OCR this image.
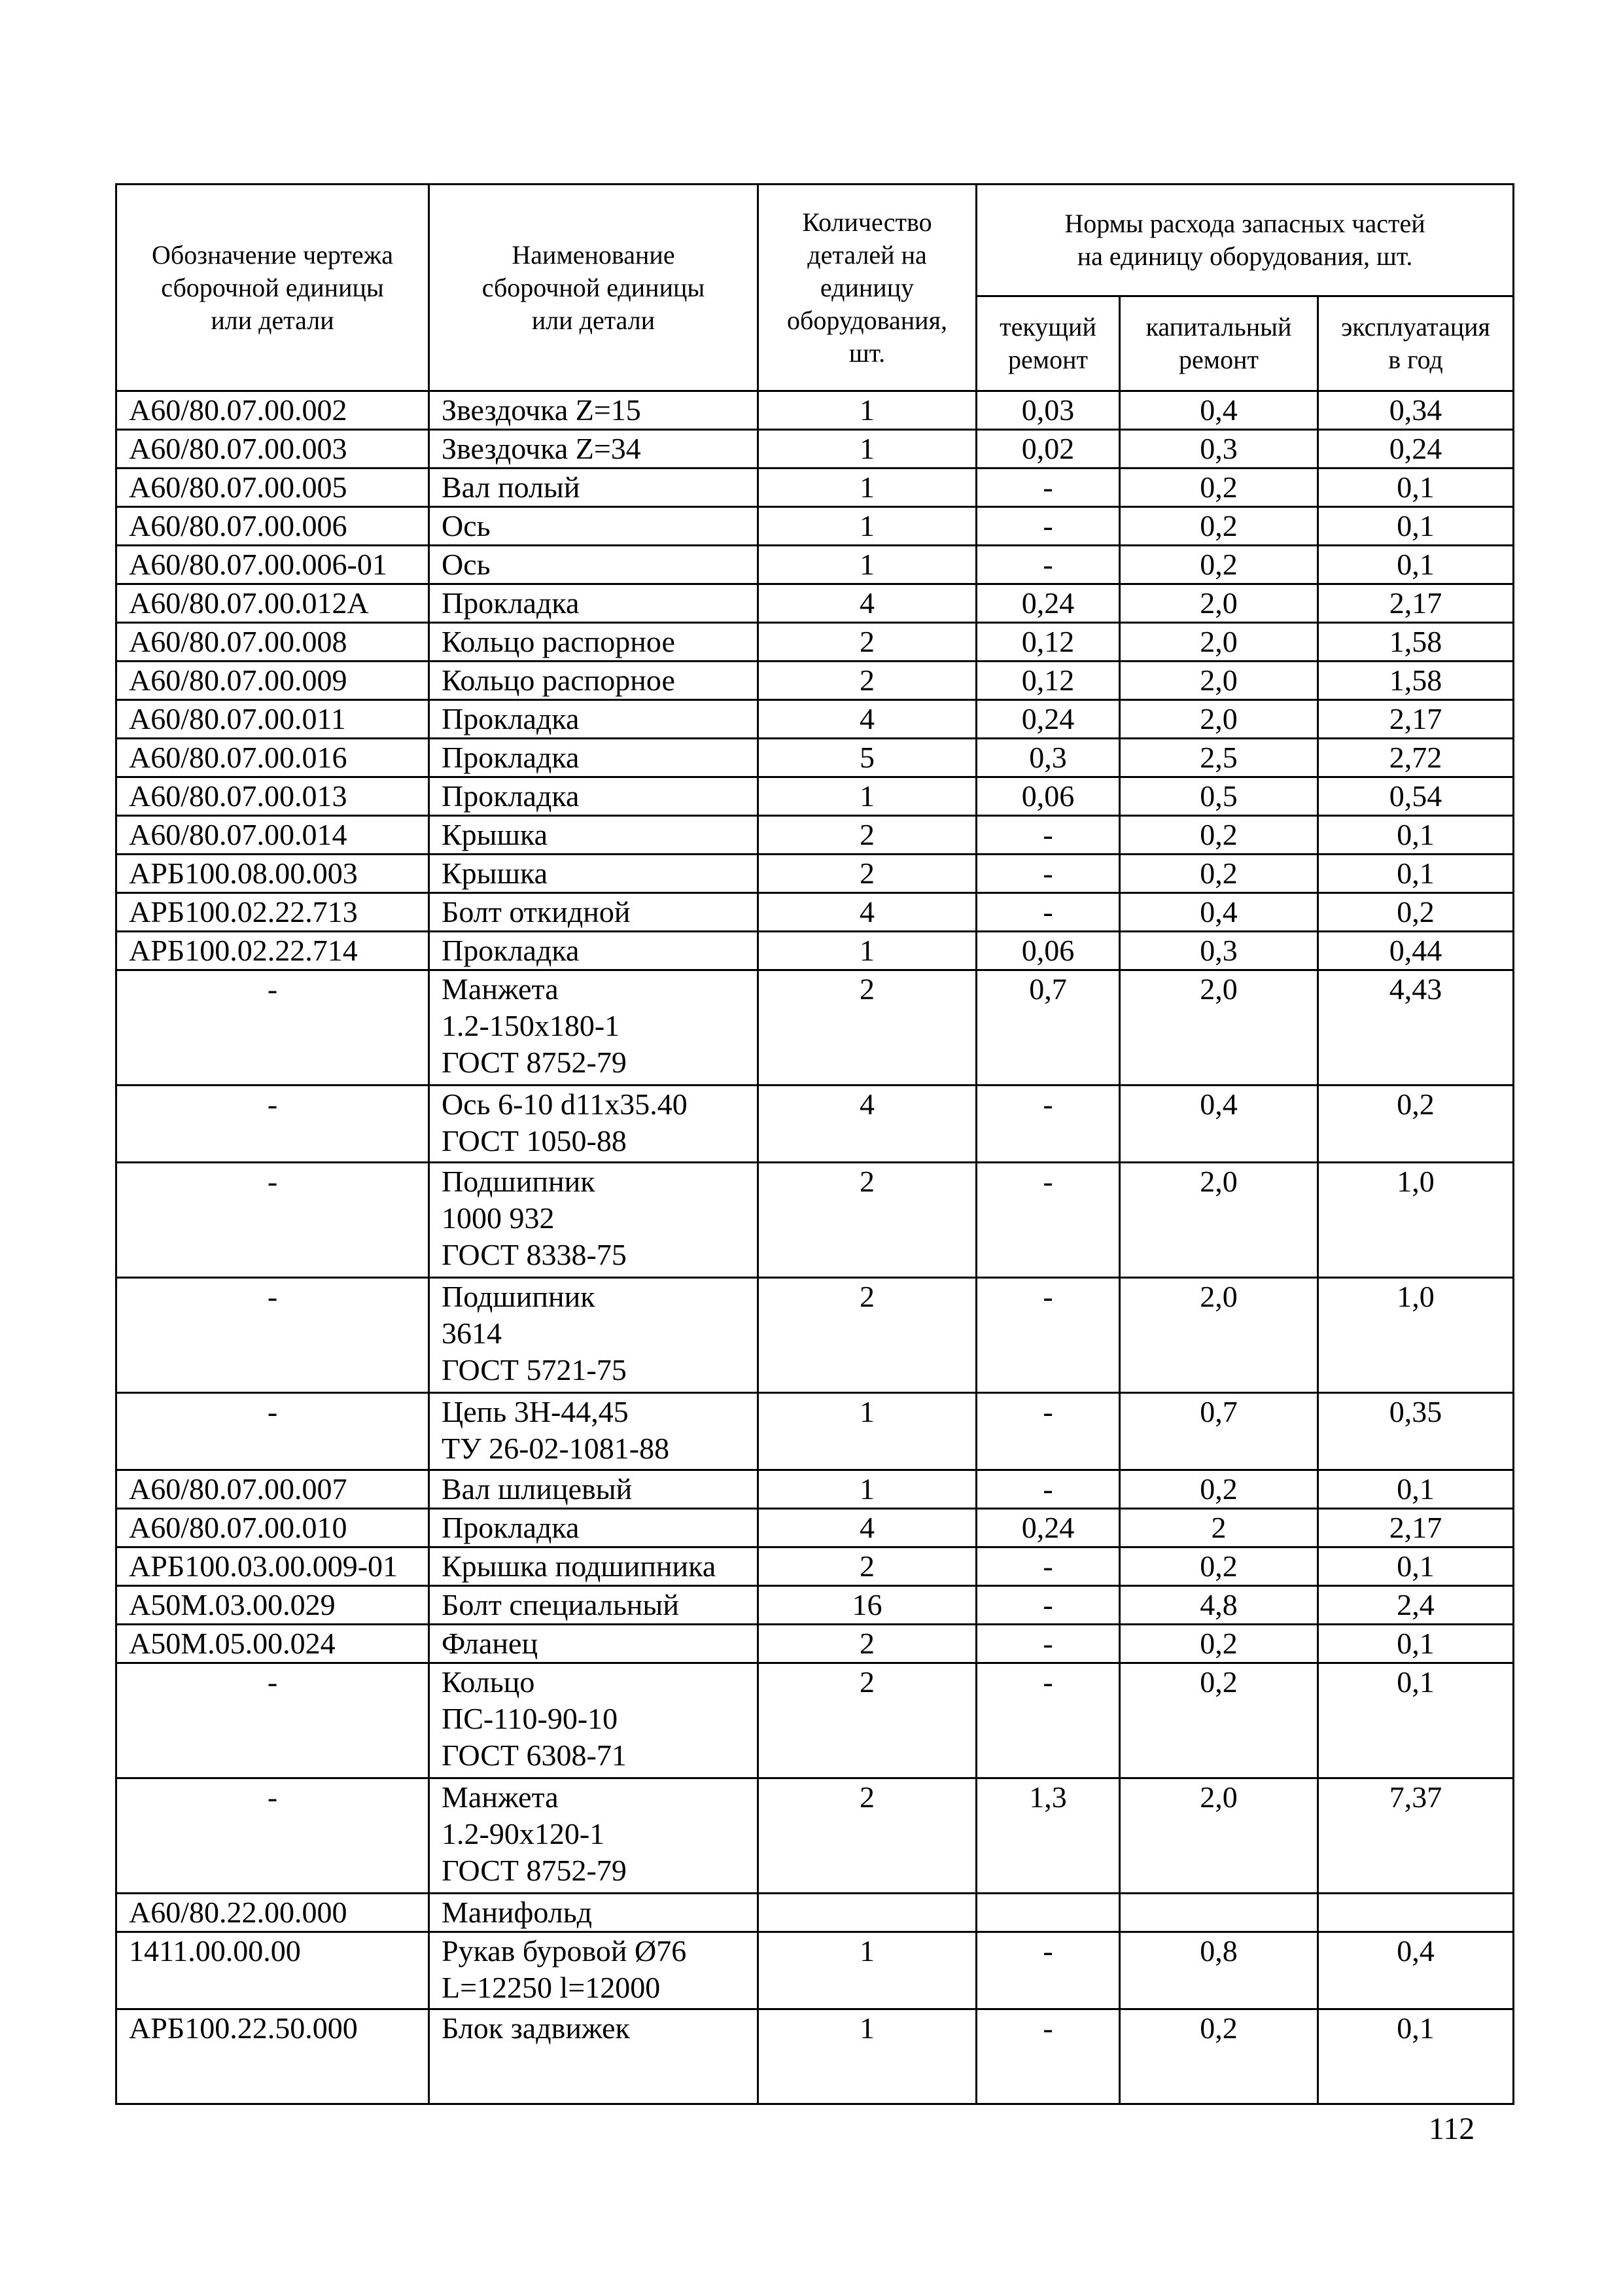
Обозначение чертежа
сборочной единицы
или детали	Наименование
сборочной единицы
или детали	Количество
деталей на
единицу
оборудования,
шт.	Нормы расхода запасных частей
на единицу оборудования, шт.		

			текущий
ремонт	капитальный
ремонт	эксплуатация
в год

А60/80.07.00.002	Звездочка Z=15	1	0,03	0,4	0,34
А60/80.07.00.003	Звездочка Z=34	1	0,02	0,3	0,24
А60/80.07.00.005	Вал полый	1	-	0,2	0,1
А60/80.07.00.006	Ось	1	-	0,2	0,1
А60/80.07.00.006-01	Ось	1	-	0,2	0,1
А60/80.07.00.012А	Прокладка	4	0,24	2,0	2,17
А60/80.07.00.008	Кольцо распорное	2	0,12	2,0	1,58
А60/80.07.00.009	Кольцо распорное	2	0,12	2,0	1,58
А60/80.07.00.011	Прокладка	4	0,24	2,0	2,17
А60/80.07.00.016	Прокладка	5	0,3	2,5	2,72
А60/80.07.00.013	Прокладка	1	0,06	0,5	0,54
А60/80.07.00.014	Крышка	2	-	0,2	0,1
АРБ100.08.00.003	Крышка	2	-	0,2	0,1
АРБ100.02.22.713	Болт откидной	4	-	0,4	0,2
АРБ100.02.22.714	Прокладка	1	0,06	0,3	0,44
-	Манжета
1.2-150х180-1
ГОСТ 8752-79	2	0,7	2,0	4,43
-	Ось 6-10 d11x35.40
ГОСТ 1050-88	4	-	0,4	0,2
-	Подшипник
1000 932
ГОСТ 8338-75	2	-	2,0	1,0
-	Подшипник
3614
ГОСТ 5721-75	2	-	2,0	1,0
-	Цепь 3Н-44,45
ТУ 26-02-1081-88	1	-	0,7	0,35
А60/80.07.00.007	Вал шлицевый	1	-	0,2	0,1
А60/80.07.00.010	Прокладка	4	0,24	2	2,17
АРБ100.03.00.009-01	Крышка подшипника	2	-	0,2	0,1
А50М.03.00.029	Болт специальный	16	-	4,8	2,4
А50М.05.00.024	Фланец	2	-	0,2	0,1
-	Кольцо
ПС-110-90-10
ГОСТ 6308-71	2	-	0,2	0,1
-	Манжета
1.2-90х120-1
ГОСТ 8752-79	2	1,3	2,0	7,37
А60/80.22.00.000	Манифольд				

1411.00.00.00	Рукав буровой Ø76
L=12250 l=12000	1	-	0,8	0,4
АРБ100.22.50.000	Блок задвижек	1	-	0,2	0,1
112
